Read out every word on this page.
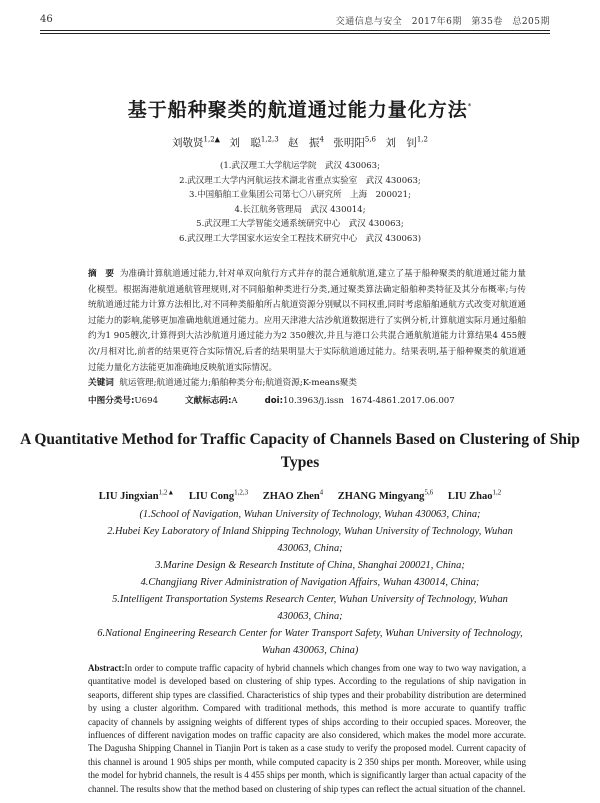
46	交通信息与安全　2017年6期　第35卷　总205期
基于船种聚类的航道通过能力量化方法*
刘敬贤$^{1,2▲}$ 刘　聪$^{1,2,3}$ 赵　振$^4$ 张明阳$^{5,6}$ 刘　钊$^{1,2}$
(1.武汉理工大学航运学院　武汉 430063;
2.武汉理工大学内河航运技术湖北省重点实验室　武汉 430063;
3.中国船舶工业集团公司第七〇八研究所　上海　200021;
4.长江航务管理局　武汉 430014;
5.武汉理工大学智能交通系统研究中心　武汉 430063;
6.武汉理工大学国家水运安全工程技术研究中心　武汉 430063)
摘　要 为准确计算航道通过能力,针对单双向航行方式并存的混合通航航道,建立了基于船种聚类的航道通过能力量化模型。根据海港航道通航管理规则,对不同船舶种类进行分类,通过聚类算法确定船舶种类特征及其分布概率;与传统航道通过能力计算方法相比,对不同种类船舶所占航道资源分别赋以不同权重,同时考虑船舶通航方式改变对航道通过能力的影响,能够更加准确地航道通过能力。应用天津港大沽沙航道数据进行了实例分析,计算航道实际月通过船舶约为1 905艘次,计算得到大沽沙航道月通过能力为2 350艘次,并且与港口公共混合通航航道能力计算结果4 455艘次/月相对比,前者的结果更符合实际情况,后者的结果明显大于实际航道通过能力。结果表明,基于船种聚类的航道通过能力量化方法能更加准确地反映航道实际情况。
关键词 航运管理;航道通过能力;船舶种类分布;航道资源;K-means聚类
中图分类号:U694	文献标志码:A	doi:10.3963/j.issn 1674-4861.2017.06.007
A Quantitative Method for Traffic Capacity of Channels Based on Clustering of Ship Types
LIU Jingxian$^{1,2▲}$ LIU Cong$^{1,2,3}$ ZHAO Zhen$^4$ ZHANG Mingyang$^{5,6}$ LIU Zhao$^{1,2}$
(1.School of Navigation, Wuhan University of Technology, Wuhan 430063, China;
2.Hubei Key Laboratory of Inland Shipping Technology, Wuhan University of Technology, Wuhan 430063, China;
3.Marine Design & Research Institute of China, Shanghai 200021, China;
4.Changjiang River Administration of Navigation Affairs, Wuhan 430014, China;
5.Intelligent Transportation Systems Research Center, Wuhan University of Technology, Wuhan 430063, China;
6.National Engineering Research Center for Water Transport Safety, Wuhan University of Technology, Wuhan 430063, China)
Abstract:In order to compute traffic capacity of hybrid channels which changes from one way to two way navigation, a quantitative model is developed based on clustering of ship types. According to the regulations of ship navigation in seaports, different ship types are classified. Characteristics of ship types and their probability distribution are determined by using a cluster algorithm. Compared with traditional methods, this method is more accurate to quantify traffic capacity of channels by assigning weights of different types of ships according to their occupied spaces. Moreover, the influences of different navigation modes on traffic capacity are also considered, which makes the model more accurate. The Dagusha Shipping Channel in Tianjin Port is taken as a case study to verify the proposed model. Current capacity of this channel is around 1 905 ships per month, while computed capacity is 2 350 ships per month. Moreover, while using the model for hybrid channels, the result is 4 455 ships per month, which is significantly larger than actual capacity of the channel. The results show that the method based on clustering of ship types can reflect the actual situation of the channel.
